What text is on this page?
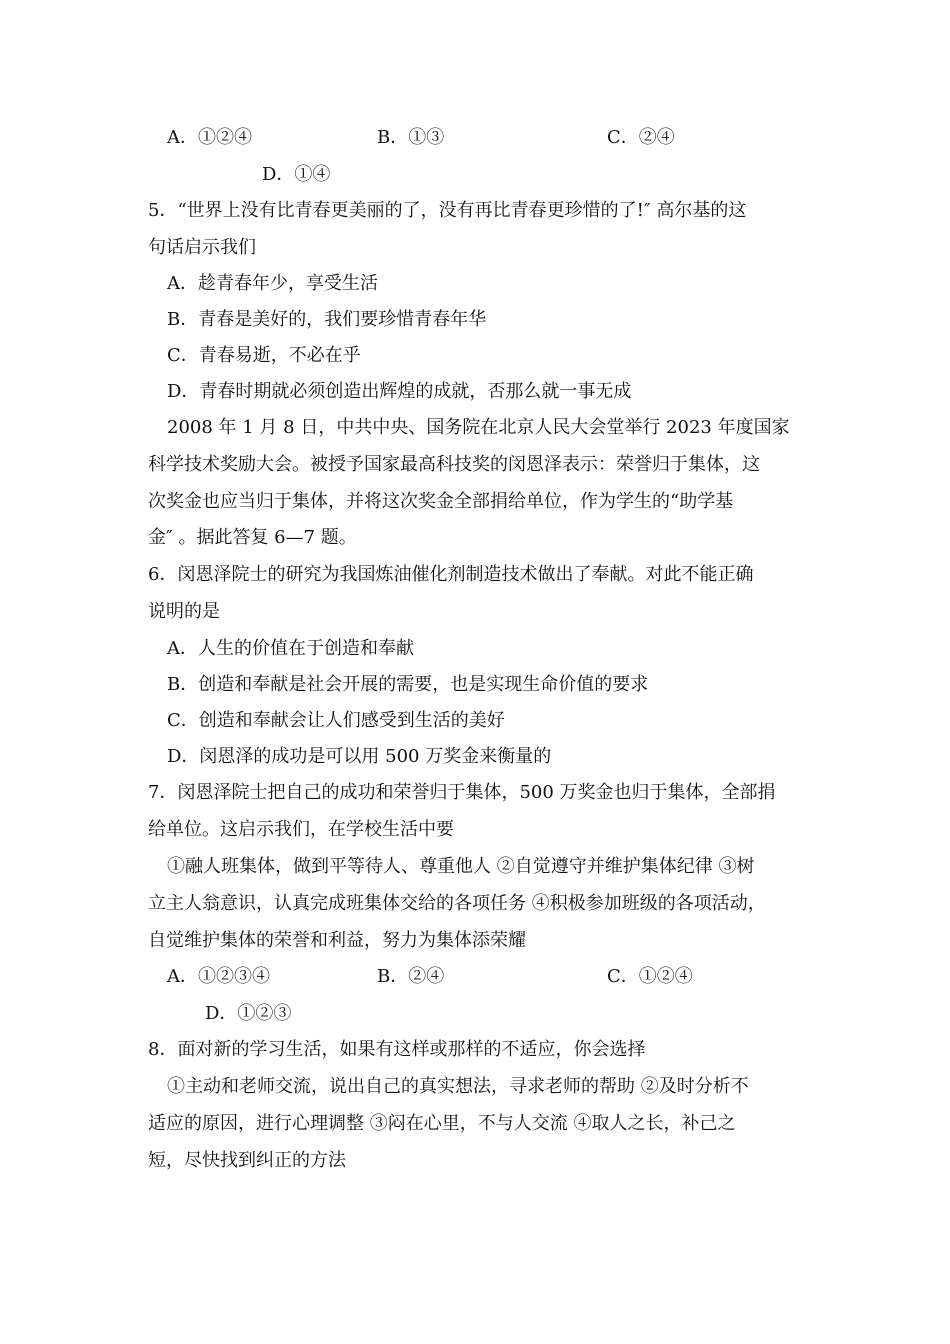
A．①②④	B．①③	C．②④
D．①④
5．“世界上没有比青春更美丽的了，没有再比青春更珍惜的了!″ 高尔基的这
句话启示我们
A．趁青春年少，享受生活
B．青春是美好的，我们要珍惜青春年华
C．青春易逝，不必在乎
D．青春时期就必须创造出辉煌的成就，否那么就一事无成
2008 年 1 月 8 日，中共中央、国务院在北京人民大会堂举行 2023 年度国家
科学技术奖励大会。被授予国家最高科技奖的闵恩泽表示：荣誉归于集体，这
次奖金也应当归于集体，并将这次奖金全部捐给单位，作为学生的“助学基
金″ 。据此答复 6—7 题。
6．闵恩泽院士的研究为我国炼油催化剂制造技术做出了奉献。对此不能正确
说明的是
A．人生的价值在于创造和奉献
B．创造和奉献是社会开展的需要，也是实现生命价值的要求
C．创造和奉献会让人们感受到生活的美好
D．闵恩泽的成功是可以用 500 万奖金来衡量的
7．闵恩泽院士把自己的成功和荣誉归于集体，500 万奖金也归于集体，全部捐
给单位。这启示我们，在学校生活中要
①融人班集体，做到平等待人、尊重他人 ②自觉遵守并维护集体纪律 ③树
立主人翁意识，认真完成班集体交给的各项任务 ④积极参加班级的各项活动，
自觉维护集体的荣誉和利益，努力为集体添荣耀
A．①②③④	B．②④	C．①②④
D．①②③
8．面对新的学习生活，如果有这样或那样的不适应，你会选择
①主动和老师交流，说出自己的真实想法，寻求老师的帮助 ②及时分析不
适应的原因，进行心理调整 ③闷在心里，不与人交流 ④取人之长，补己之
短，尽快找到纠正的方法
